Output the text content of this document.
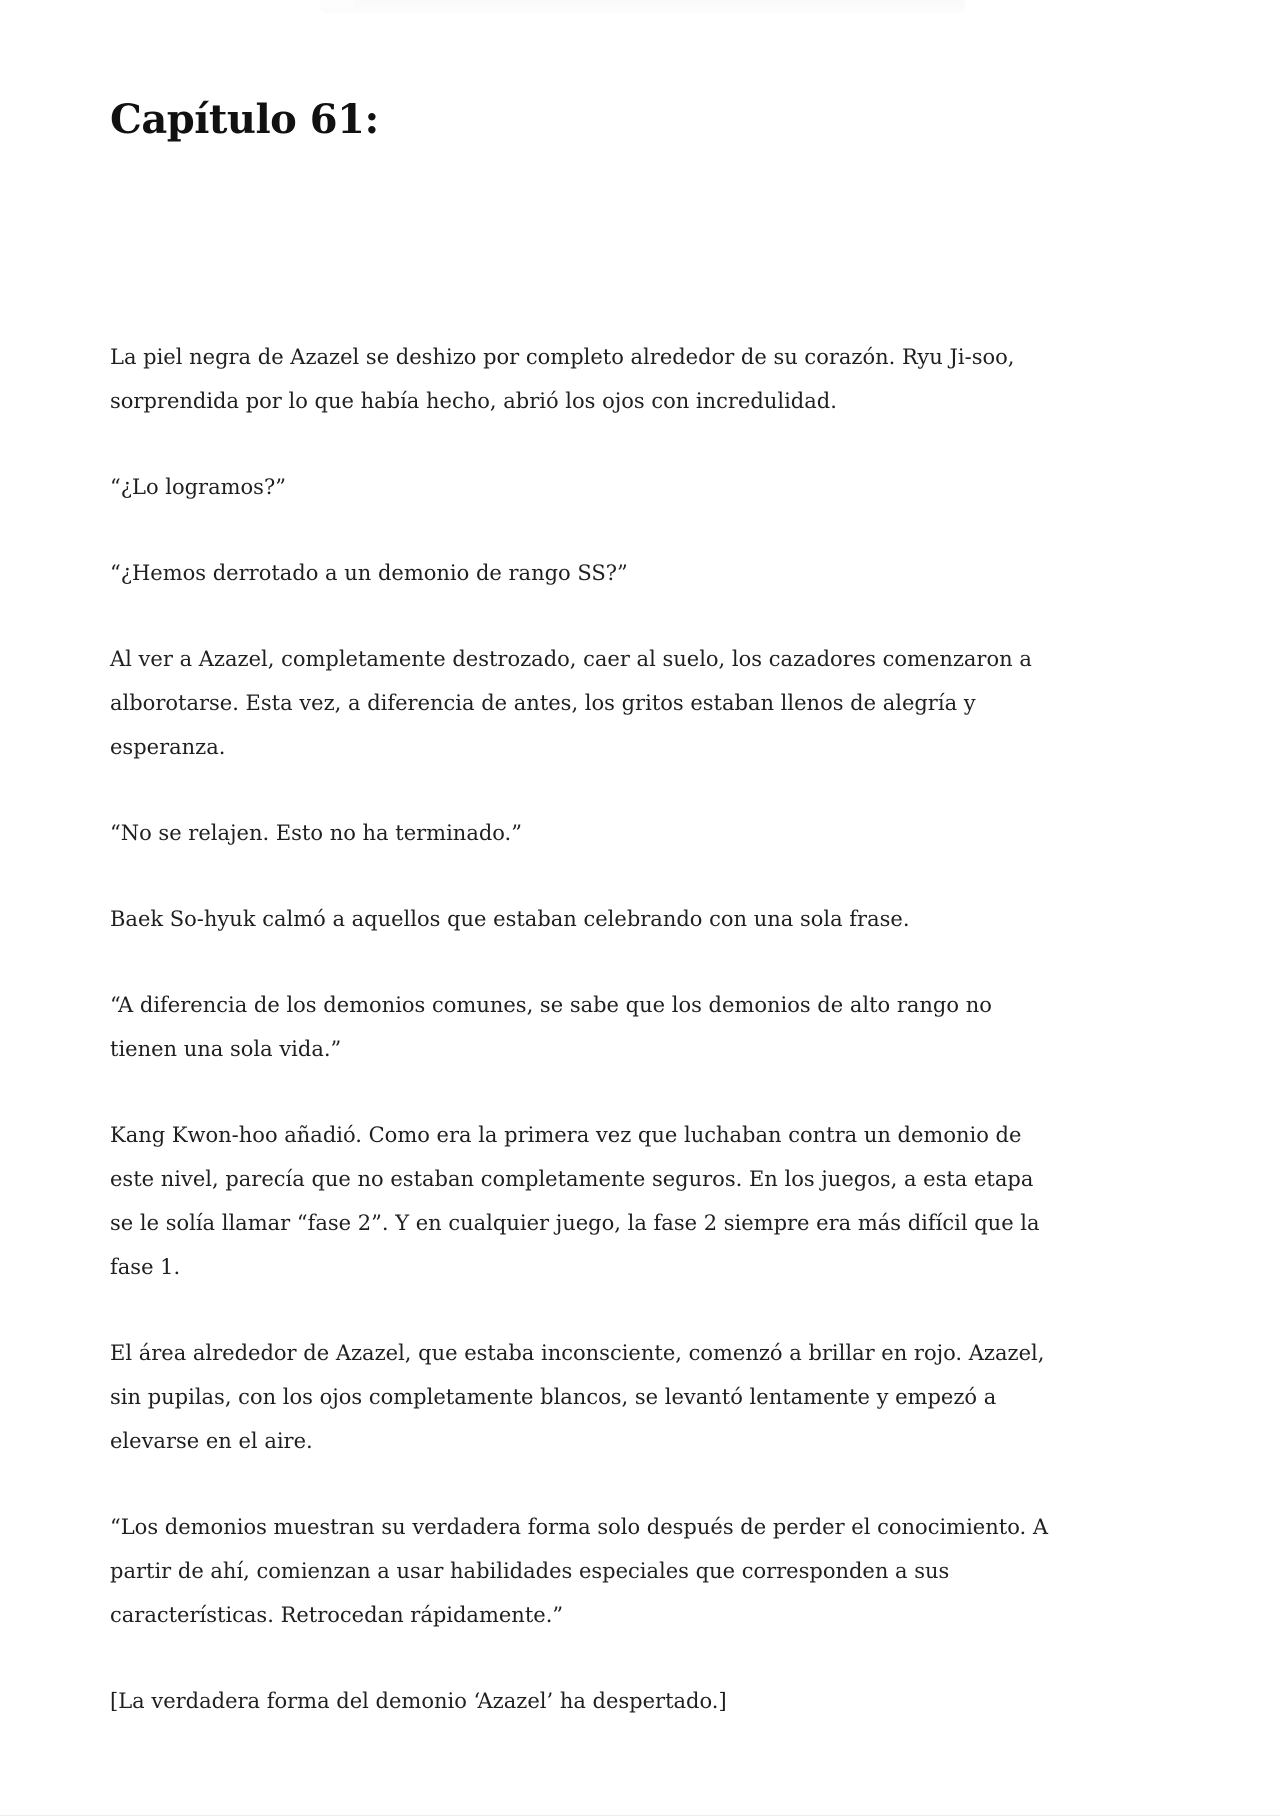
Capítulo 61:

La piel negra de Azazel se deshizo por completo alrededor de su corazón. Ryu Ji-soo, sorprendida por lo que había hecho, abrió los ojos con incredulidad.

“¿Lo logramos?”

“¿Hemos derrotado a un demonio de rango SS?”

Al ver a Azazel, completamente destrozado, caer al suelo, los cazadores comenzaron a alborotarse. Esta vez, a diferencia de antes, los gritos estaban llenos de alegría y esperanza.

“No se relajen. Esto no ha terminado.”

Baek So-hyuk calmó a aquellos que estaban celebrando con una sola frase.

“A diferencia de los demonios comunes, se sabe que los demonios de alto rango no tienen una sola vida.”

Kang Kwon-hoo añadió. Como era la primera vez que luchaban contra un demonio de este nivel, parecía que no estaban completamente seguros. En los juegos, a esta etapa se le solía llamar “fase 2”. Y en cualquier juego, la fase 2 siempre era más difícil que la fase 1.

El área alrededor de Azazel, que estaba inconsciente, comenzó a brillar en rojo. Azazel, sin pupilas, con los ojos completamente blancos, se levantó lentamente y empezó a elevarse en el aire.

“Los demonios muestran su verdadera forma solo después de perder el conocimiento. A partir de ahí, comienzan a usar habilidades especiales que corresponden a sus características. Retrocedan rápidamente.”

[La verdadera forma del demonio ‘Azazel’ ha despertado.]
